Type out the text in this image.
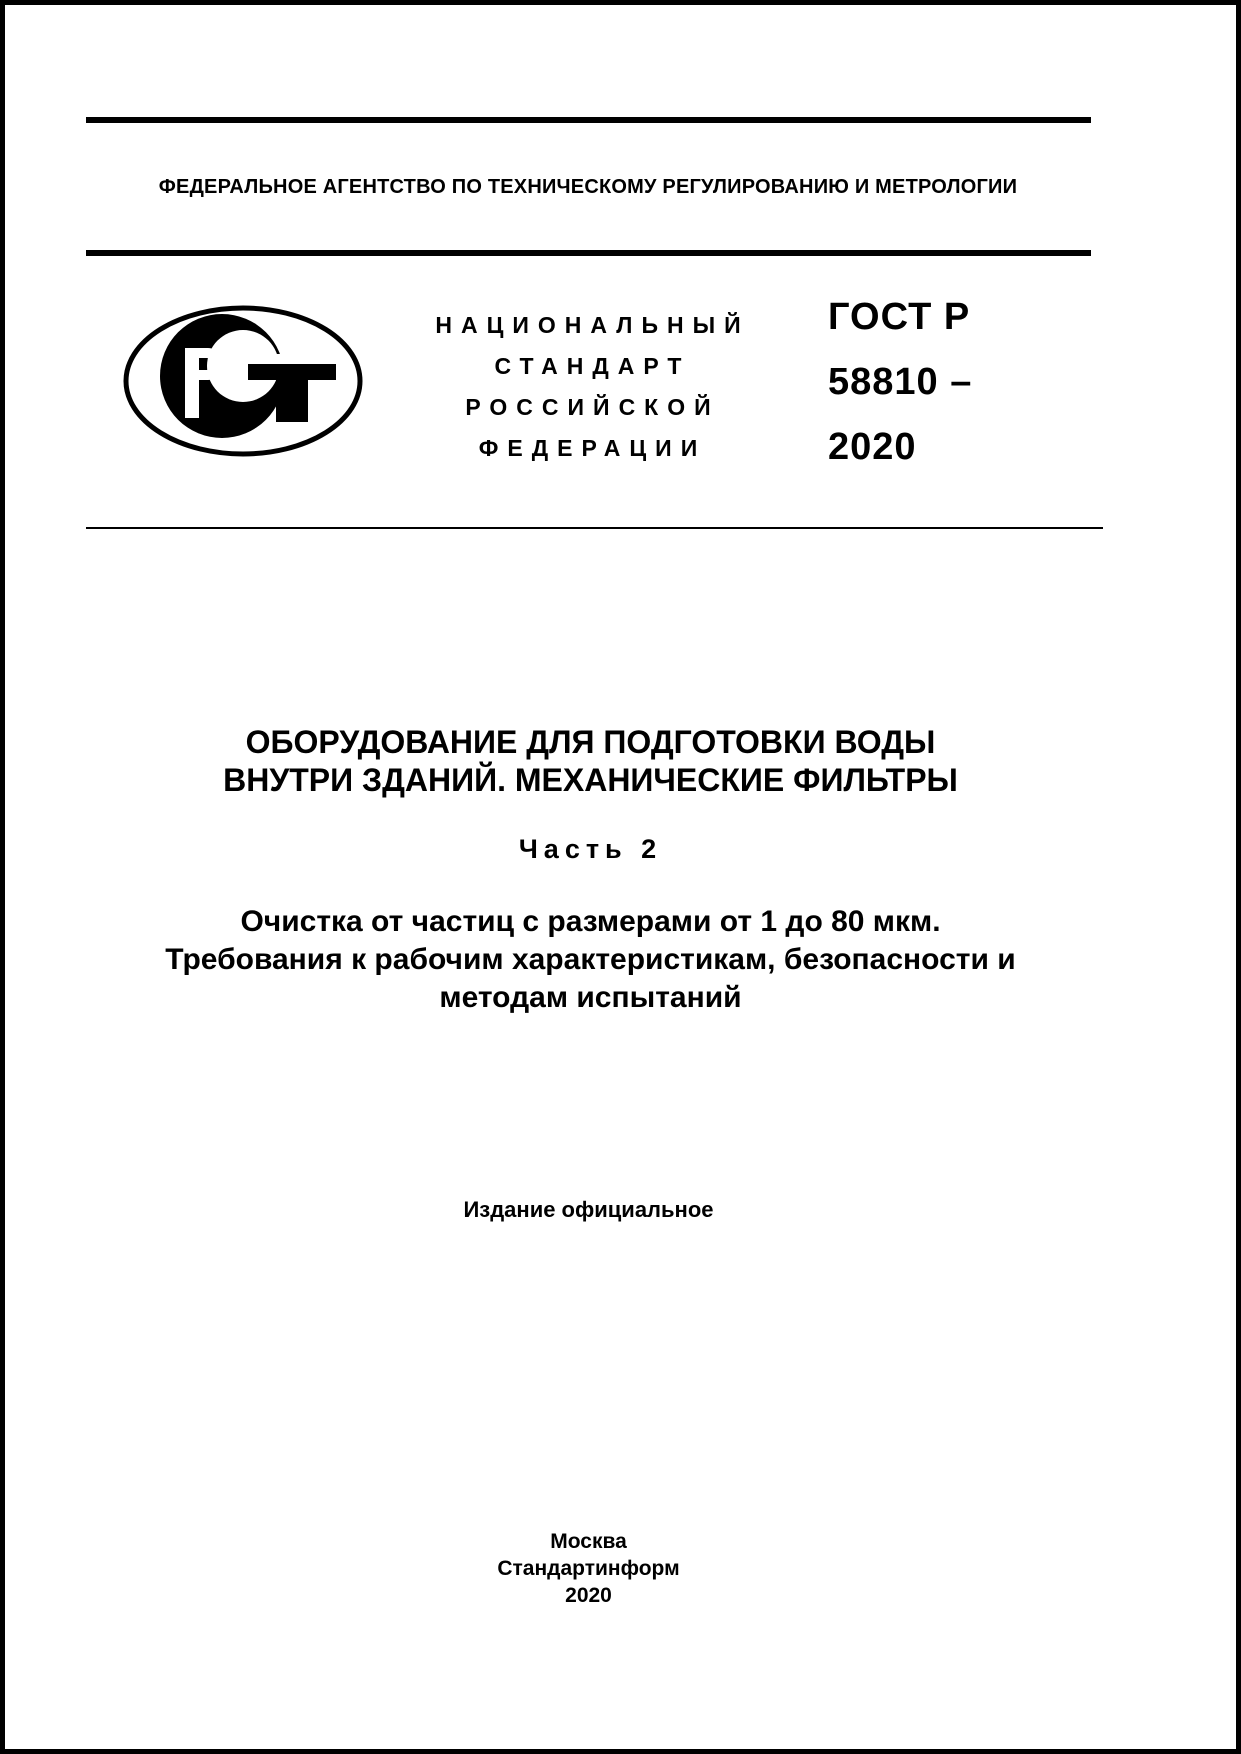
ФЕДЕРАЛЬНОЕ АГЕНТСТВО ПО ТЕХНИЧЕСКОМУ РЕГУЛИРОВАНИЮ И МЕТРОЛОГИИ
НАЦИОНАЛЬНЫЙ
СТАНДАРТ
РОССИЙСКОЙ
ФЕДЕРАЦИИ
ГОСТ Р
58810 –
2020
ОБОРУДОВАНИЕ ДЛЯ ПОДГОТОВКИ ВОДЫ
ВНУТРИ ЗДАНИЙ. МЕХАНИЧЕСКИЕ ФИЛЬТРЫ
Часть 2
Очистка от частиц с размерами от 1 до 80 мкм.
Требования к рабочим характеристикам, безопасности и
методам испытаний
Издание официальное
Москва
Стандартинформ
2020
